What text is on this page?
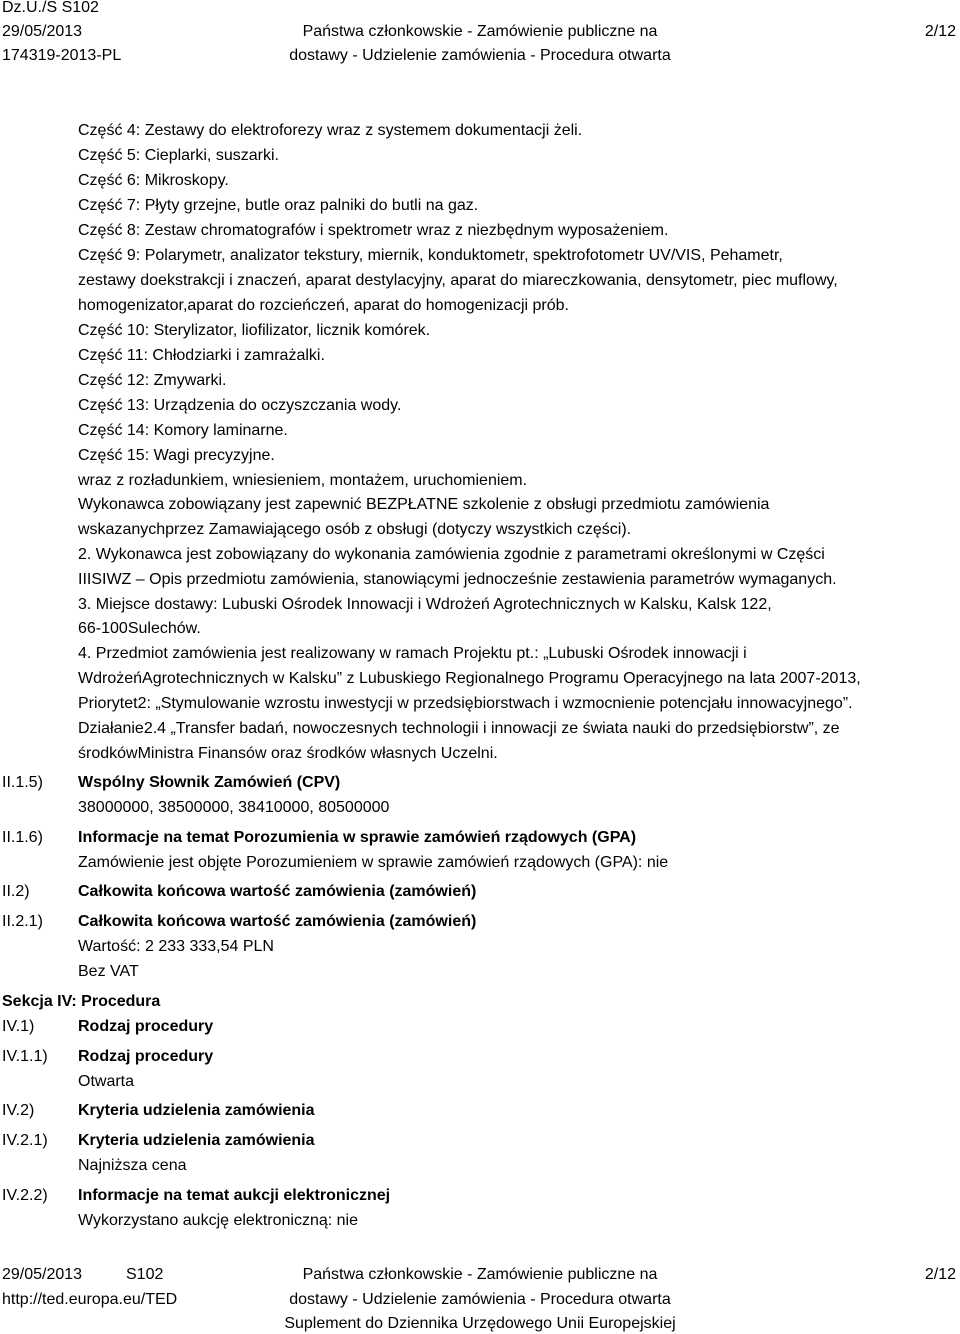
Dz.U./S S102
29/05/2013
174319-2013-PL
Państwa członkowskie - Zamówienie publiczne na
dostawy - Udzielenie zamówienia - Procedura otwarta
2/12
Część 4: Zestawy do elektroforezy wraz z systemem dokumentacji żeli.
Część 5: Cieplarki, suszarki.
Część 6: Mikroskopy.
Część 7: Płyty grzejne, butle oraz palniki do butli na gaz.
Część 8: Zestaw chromatografów i spektrometr wraz z niezbędnym wyposażeniem.
Część 9: Polarymetr, analizator tekstury, miernik, konduktometr, spektrofotometr UV/VIS, Pehametr,
zestawy doekstrakcji i znaczeń, aparat destylacyjny, aparat do miareczkowania, densytometr, piec muflowy,
homogenizator,aparat do rozcieńczeń, aparat do homogenizacji prób.
Część 10: Sterylizator, liofilizator, licznik komórek.
Część 11: Chłodziarki i zamrażalki.
Część 12: Zmywarki.
Część 13: Urządzenia do oczyszczania wody.
Część 14: Komory laminarne.
Część 15: Wagi precyzyjne.
wraz z rozładunkiem, wniesieniem, montażem, uruchomieniem.
Wykonawca zobowiązany jest zapewnić BEZPŁATNE szkolenie z obsługi przedmiotu zamówienia
wskazanychprzez Zamawiającego osób z obsługi (dotyczy wszystkich części).
2. Wykonawca jest zobowiązany do wykonania zamówienia zgodnie z parametrami określonymi w Części
IIISIWZ – Opis przedmiotu zamówienia, stanowiącymi jednocześnie zestawienia parametrów wymaganych.
3. Miejsce dostawy: Lubuski Ośrodek Innowacji i Wdrożeń Agrotechnicznych w Kalsku, Kalsk 122,
66-100Sulechów.
4. Przedmiot zamówienia jest realizowany w ramach Projektu pt.: „Lubuski Ośrodek innowacji i
WdrożeńAgrotechnicznych w Kalsku” z Lubuskiego Regionalnego Programu Operacyjnego na lata 2007-2013,
Priorytet2: „Stymulowanie wzrostu inwestycji w przedsiębiorstwach i wzmocnienie potencjału innowacyjnego”.
Działanie2.4 „Transfer badań, nowoczesnych technologii i innowacji ze świata nauki do przedsiębiorstw”, ze
środkówMinistra Finansów oraz środków własnych Uczelni.
II.1.5) Wspólny Słownik Zamówień (CPV)
38000000, 38500000, 38410000, 80500000
II.1.6) Informacje na temat Porozumienia w sprawie zamówień rządowych (GPA)
Zamówienie jest objęte Porozumieniem w sprawie zamówień rządowych (GPA): nie
II.2)	Całkowita końcowa wartość zamówienia (zamówień)
II.2.1) Całkowita końcowa wartość zamówienia (zamówień)
Wartość: 2 233 333,54 PLN
Bez VAT
Sekcja IV: Procedura
IV.1)	Rodzaj procedury
IV.1.1) Rodzaj procedury
Otwarta
IV.2)	Kryteria udzielenia zamówienia
IV.2.1) Kryteria udzielenia zamówienia
Najniższa cena
IV.2.2) Informacje na temat aukcji elektronicznej
Wykorzystano aukcję elektroniczną: nie
29/05/2013	S102
http://ted.europa.eu/TED
Państwa członkowskie - Zamówienie publiczne na
dostawy - Udzielenie zamówienia - Procedura otwarta
Suplement do Dziennika Urzędowego Unii Europejskiej
2/12
